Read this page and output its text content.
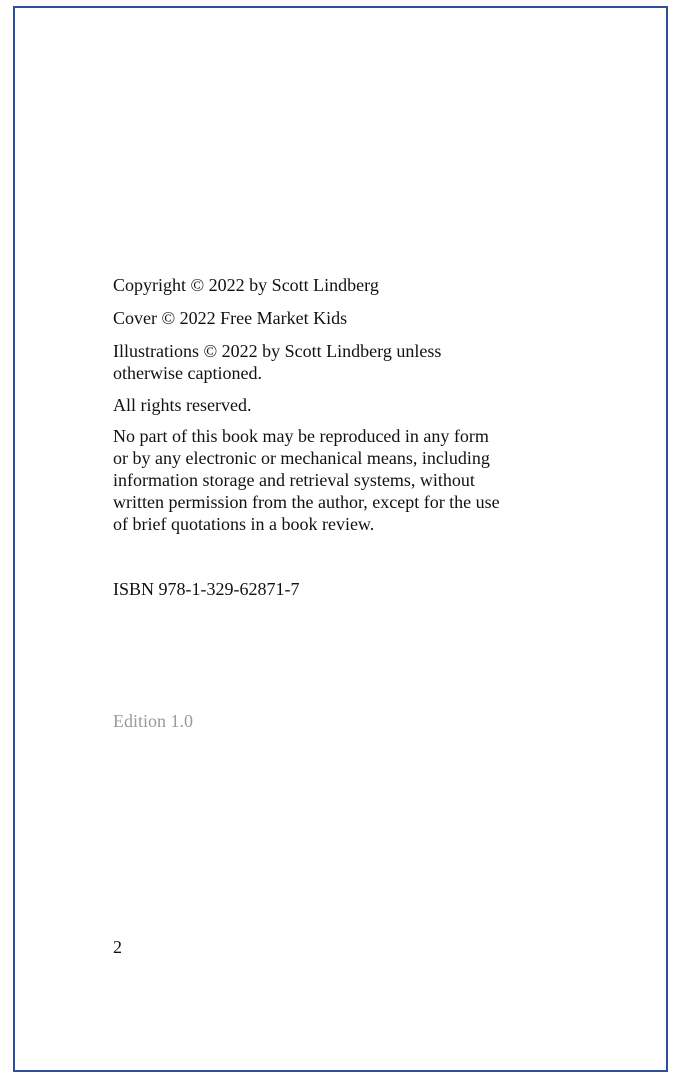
Copyright © 2022 by Scott Lindberg

Cover © 2022 Free Market Kids

Illustrations © 2022 by Scott Lindberg unless otherwise captioned.

All rights reserved.

No part of this book may be reproduced in any form or by any electronic or mechanical means, including information storage and retrieval systems, without written permission from the author, except for the use of brief quotations in a book review.

ISBN 978-1-329-62871-7

Edition 1.0

2
